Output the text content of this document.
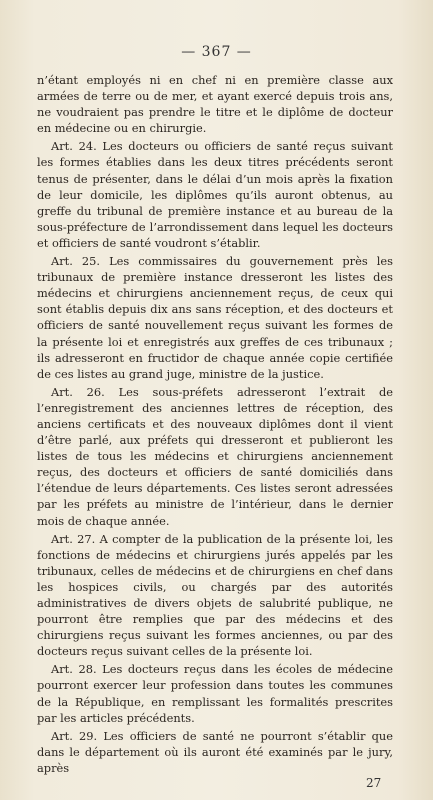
— 367 —

n’étant employés ni en chef ni en première classe aux armées de terre ou de mer, et ayant exercé depuis trois ans, ne voudraient pas prendre le titre et le diplôme de docteur en médecine ou en chirurgie.

Art. 24. Les docteurs ou officiers de santé reçus suivant les formes établies dans les deux titres précédents seront tenus de présenter, dans le délai d’un mois après la fixation de leur domicile, les diplômes qu’ils auront obtenus, au greffe du tribunal de première instance et au bureau de la sous-préfecture de l’arrondissement dans lequel les docteurs et officiers de santé voudront s’établir.

Art. 25. Les commissaires du gouvernement près les tribunaux de première instance dresseront les listes des médecins et chirurgiens anciennement reçus, de ceux qui sont établis depuis dix ans sans réception, et des docteurs et officiers de santé nouvellement reçus suivant les formes de la présente loi et enregistrés aux greffes de ces tribunaux ; ils adresseront en fructidor de chaque année copie certifiée de ces listes au grand juge, ministre de la justice.

Art. 26. Les sous-préfets adresseront l’extrait de l’enregistrement des anciennes lettres de réception, des anciens certificats et des nouveaux diplômes dont il vient d’être parlé, aux préfets qui dresseront et publieront les listes de tous les médecins et chirurgiens anciennement reçus, des docteurs et officiers de santé domiciliés dans l’étendue de leurs départements. Ces listes seront adressées par les préfets au ministre de l’intérieur, dans le dernier mois de chaque année.

Art. 27. A compter de la publication de la présente loi, les fonctions de médecins et chirurgiens jurés appelés par les tribunaux, celles de médecins et de chirurgiens en chef dans les hospices civils, ou chargés par des autorités administratives de divers objets de salubrité publique, ne pourront être remplies que par des médecins et des chirurgiens reçus suivant les formes anciennes, ou par des docteurs reçus suivant celles de la présente loi.

Art. 28. Les docteurs reçus dans les écoles de médecine pourront exercer leur profession dans toutes les communes de la République, en remplissant les formalités prescrites par les articles précédents.

Art. 29. Les officiers de santé ne pourront s’établir que dans le département où ils auront été examinés par le jury, après

27
